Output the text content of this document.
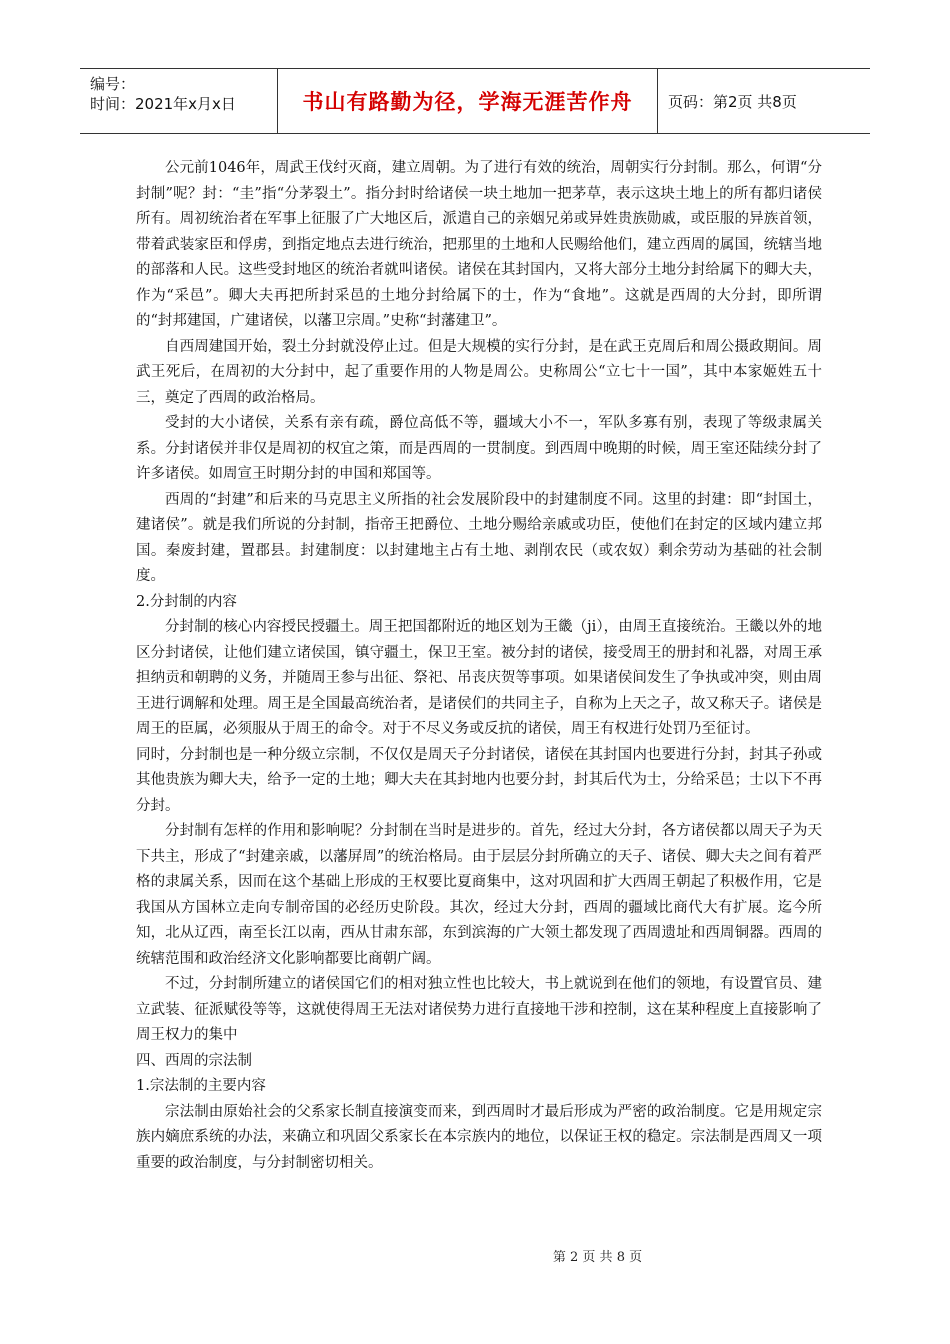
编号：
时间：2021年x月x日	书山有路勤为径，学海无涯苦作舟	页码：第2页 共8页

公元前1046年，周武王伐纣灭商，建立周朝。为了进行有效的统治，周朝实行分封制。那么，何谓“分封制”呢？封：“圭”指“分茅裂土”。指分封时给诸侯一块土地加一把茅草，表示这块土地上的所有都归诸侯所有。周初统治者在军事上征服了广大地区后，派遣自己的亲姻兄弟或异姓贵族勋戚，或臣服的异族首领，带着武装家臣和俘虏，到指定地点去进行统治，把那里的土地和人民赐给他们，建立西周的属国，统辖当地的部落和人民。这些受封地区的统治者就叫诸侯。诸侯在其封国内，又将大部分土地分封给属下的卿大夫，作为“采邑”。卿大夫再把所封采邑的土地分封给属下的士，作为“食地”。这就是西周的大分封，即所谓的“封邦建国，广建诸侯，以藩卫宗周。”史称“封藩建卫”。

自西周建国开始，裂土分封就没停止过。但是大规模的实行分封，是在武王克周后和周公摄政期间。周武王死后，在周初的大分封中，起了重要作用的人物是周公。史称周公“立七十一国”，其中本家姬姓五十三，奠定了西周的政治格局。

受封的大小诸侯，关系有亲有疏，爵位高低不等，疆域大小不一，军队多寡有别，表现了等级隶属关系。分封诸侯并非仅是周初的权宜之策，而是西周的一贯制度。到西周中晚期的时候，周王室还陆续分封了许多诸侯。如周宣王时期分封的申国和郑国等。

西周的“封建”和后来的马克思主义所指的社会发展阶段中的封建制度不同。这里的封建：即“封国土，建诸侯”。就是我们所说的分封制，指帝王把爵位、土地分赐给亲戚或功臣，使他们在封定的区域内建立邦国。秦废封建，置郡县。封建制度：以封建地主占有土地、剥削农民（或农奴）剩余劳动为基础的社会制度。

2.分封制的内容

分封制的核心内容授民授疆土。周王把国都附近的地区划为王畿（ji），由周王直接统治。王畿以外的地区分封诸侯，让他们建立诸侯国，镇守疆土，保卫王室。被分封的诸侯，接受周王的册封和礼器，对周王承担纳贡和朝聘的义务，并随周王参与出征、祭祀、吊丧庆贺等事项。如果诸侯间发生了争执或冲突，则由周王进行调解和处理。周王是全国最高统治者，是诸侯们的共同主子，自称为上天之子，故又称天子。诸侯是周王的臣属，必须服从于周王的命令。对于不尽义务或反抗的诸侯，周王有权进行处罚乃至征讨。

同时，分封制也是一种分级立宗制，不仅仅是周天子分封诸侯，诸侯在其封国内也要进行分封，封其子孙或其他贵族为卿大夫，给予一定的土地；卿大夫在其封地内也要分封，封其后代为士，分给采邑；士以下不再分封。

分封制有怎样的作用和影响呢？分封制在当时是进步的。首先，经过大分封，各方诸侯都以周天子为天下共主，形成了“封建亲戚，以藩屏周”的统治格局。由于层层分封所确立的天子、诸侯、卿大夫之间有着严格的隶属关系，因而在这个基础上形成的王权要比夏商集中，这对巩固和扩大西周王朝起了积极作用，它是我国从方国林立走向专制帝国的必经历史阶段。其次，经过大分封，西周的疆域比商代大有扩展。迄今所知，北从辽西，南至长江以南，西从甘肃东部，东到滨海的广大领土都发现了西周遗址和西周铜器。西周的统辖范围和政治经济文化影响都要比商朝广阔。

不过，分封制所建立的诸侯国它们的相对独立性也比较大，书上就说到在他们的领地，有设置官员、建立武装、征派赋役等等，这就使得周王无法对诸侯势力进行直接地干涉和控制，这在某种程度上直接影响了周王权力的集中

四、西周的宗法制

1.宗法制的主要内容

宗法制由原始社会的父系家长制直接演变而来，到西周时才最后形成为严密的政治制度。它是用规定宗族内嫡庶系统的办法，来确立和巩固父系家长在本宗族内的地位，以保证王权的稳定。宗法制是西周又一项重要的政治制度，与分封制密切相关。

第 2 页 共 8 页
